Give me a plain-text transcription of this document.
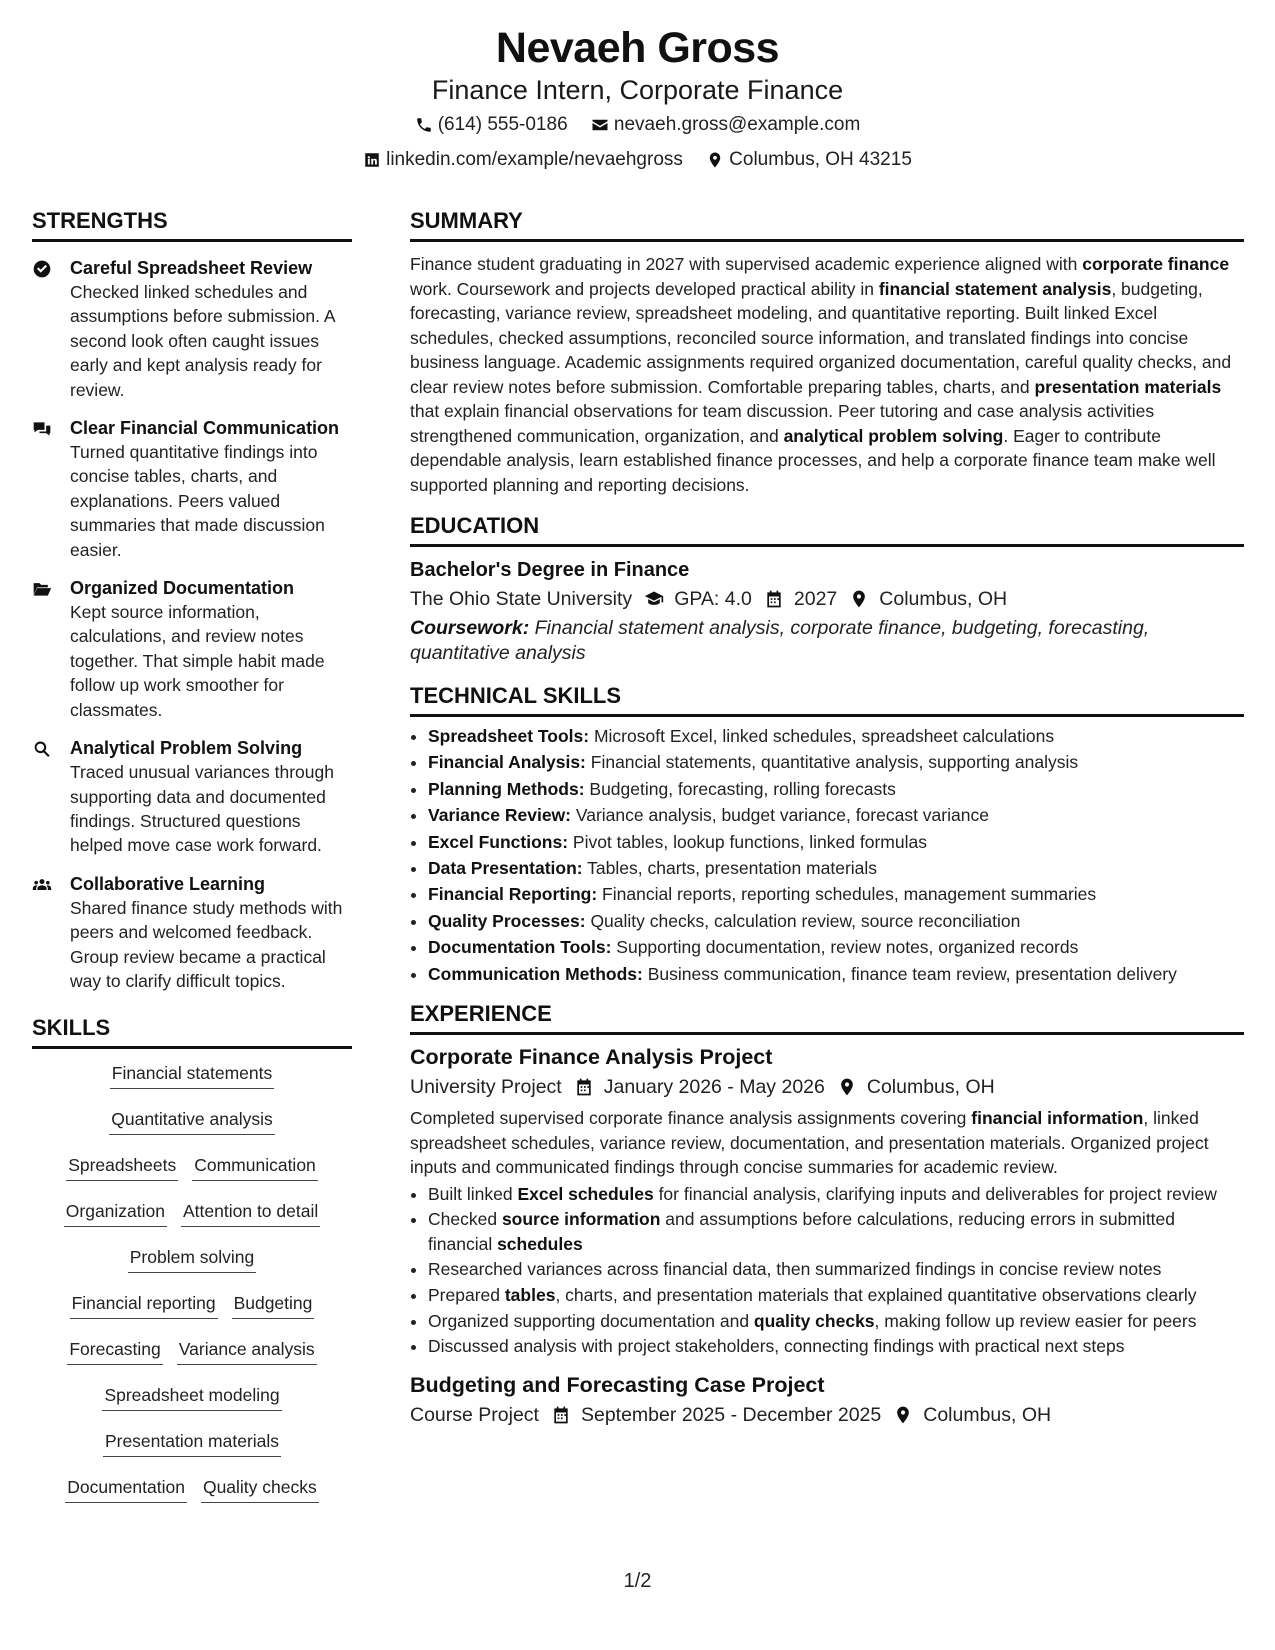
Nevaeh Gross
Finance Intern, Corporate Finance
(614) 555-0186
nevaeh.gross@example.com
linkedin.com/example/nevaehgross
Columbus, OH 43215
STRENGTHS
Careful Spreadsheet Review
Checked linked schedules and assumptions before submission. A second look often caught issues early and kept analysis ready for review.
Clear Financial Communication
Turned quantitative findings into concise tables, charts, and explanations. Peers valued summaries that made discussion easier.
Organized Documentation
Kept source information, calculations, and review notes together. That simple habit made follow up work smoother for classmates.
Analytical Problem Solving
Traced unusual variances through supporting data and documented findings. Structured questions helped move case work forward.
Collaborative Learning
Shared finance study methods with peers and welcomed feedback. Group review became a practical way to clarify difficult topics.
SKILLS
Financial statements
Quantitative analysis
Spreadsheets Communication
Organization Attention to detail
Problem solving
Financial reporting Budgeting
Forecasting Variance analysis
Spreadsheet modeling
Presentation materials
Documentation Quality checks
SUMMARY
Finance student graduating in 2027 with supervised academic experience aligned with corporate finance work. Coursework and projects developed practical ability in financial statement analysis, budgeting, forecasting, variance review, spreadsheet modeling, and quantitative reporting. Built linked Excel schedules, checked assumptions, reconciled source information, and translated findings into concise business language. Academic assignments required organized documentation, careful quality checks, and clear review notes before submission. Comfortable preparing tables, charts, and presentation materials that explain financial observations for team discussion. Peer tutoring and case analysis activities strengthened communication, organization, and analytical problem solving. Eager to contribute dependable analysis, learn established finance processes, and help a corporate finance team make well supported planning and reporting decisions.
EDUCATION
Bachelor's Degree in Finance
The Ohio State University GPA: 4.0 2027 Columbus, OH
Coursework: Financial statement analysis, corporate finance, budgeting, forecasting, quantitative analysis
TECHNICAL SKILLS
• Spreadsheet Tools: Microsoft Excel, linked schedules, spreadsheet calculations
• Financial Analysis: Financial statements, quantitative analysis, supporting analysis
• Planning Methods: Budgeting, forecasting, rolling forecasts
• Variance Review: Variance analysis, budget variance, forecast variance
• Excel Functions: Pivot tables, lookup functions, linked formulas
• Data Presentation: Tables, charts, presentation materials
• Financial Reporting: Financial reports, reporting schedules, management summaries
• Quality Processes: Quality checks, calculation review, source reconciliation
• Documentation Tools: Supporting documentation, review notes, organized records
• Communication Methods: Business communication, finance team review, presentation delivery
EXPERIENCE
Corporate Finance Analysis Project
University Project January 2026 - May 2026 Columbus, OH
Completed supervised corporate finance analysis assignments covering financial information, linked spreadsheet schedules, variance review, documentation, and presentation materials. Organized project inputs and communicated findings through concise summaries for academic review.
• Built linked Excel schedules for financial analysis, clarifying inputs and deliverables for project review
• Checked source information and assumptions before calculations, reducing errors in submitted financial schedules
• Researched variances across financial data, then summarized findings in concise review notes
• Prepared tables, charts, and presentation materials that explained quantitative observations clearly
• Organized supporting documentation and quality checks, making follow up review easier for peers
• Discussed analysis with project stakeholders, connecting findings with practical next steps
Budgeting and Forecasting Case Project
Course Project September 2025 - December 2025 Columbus, OH
1/2
